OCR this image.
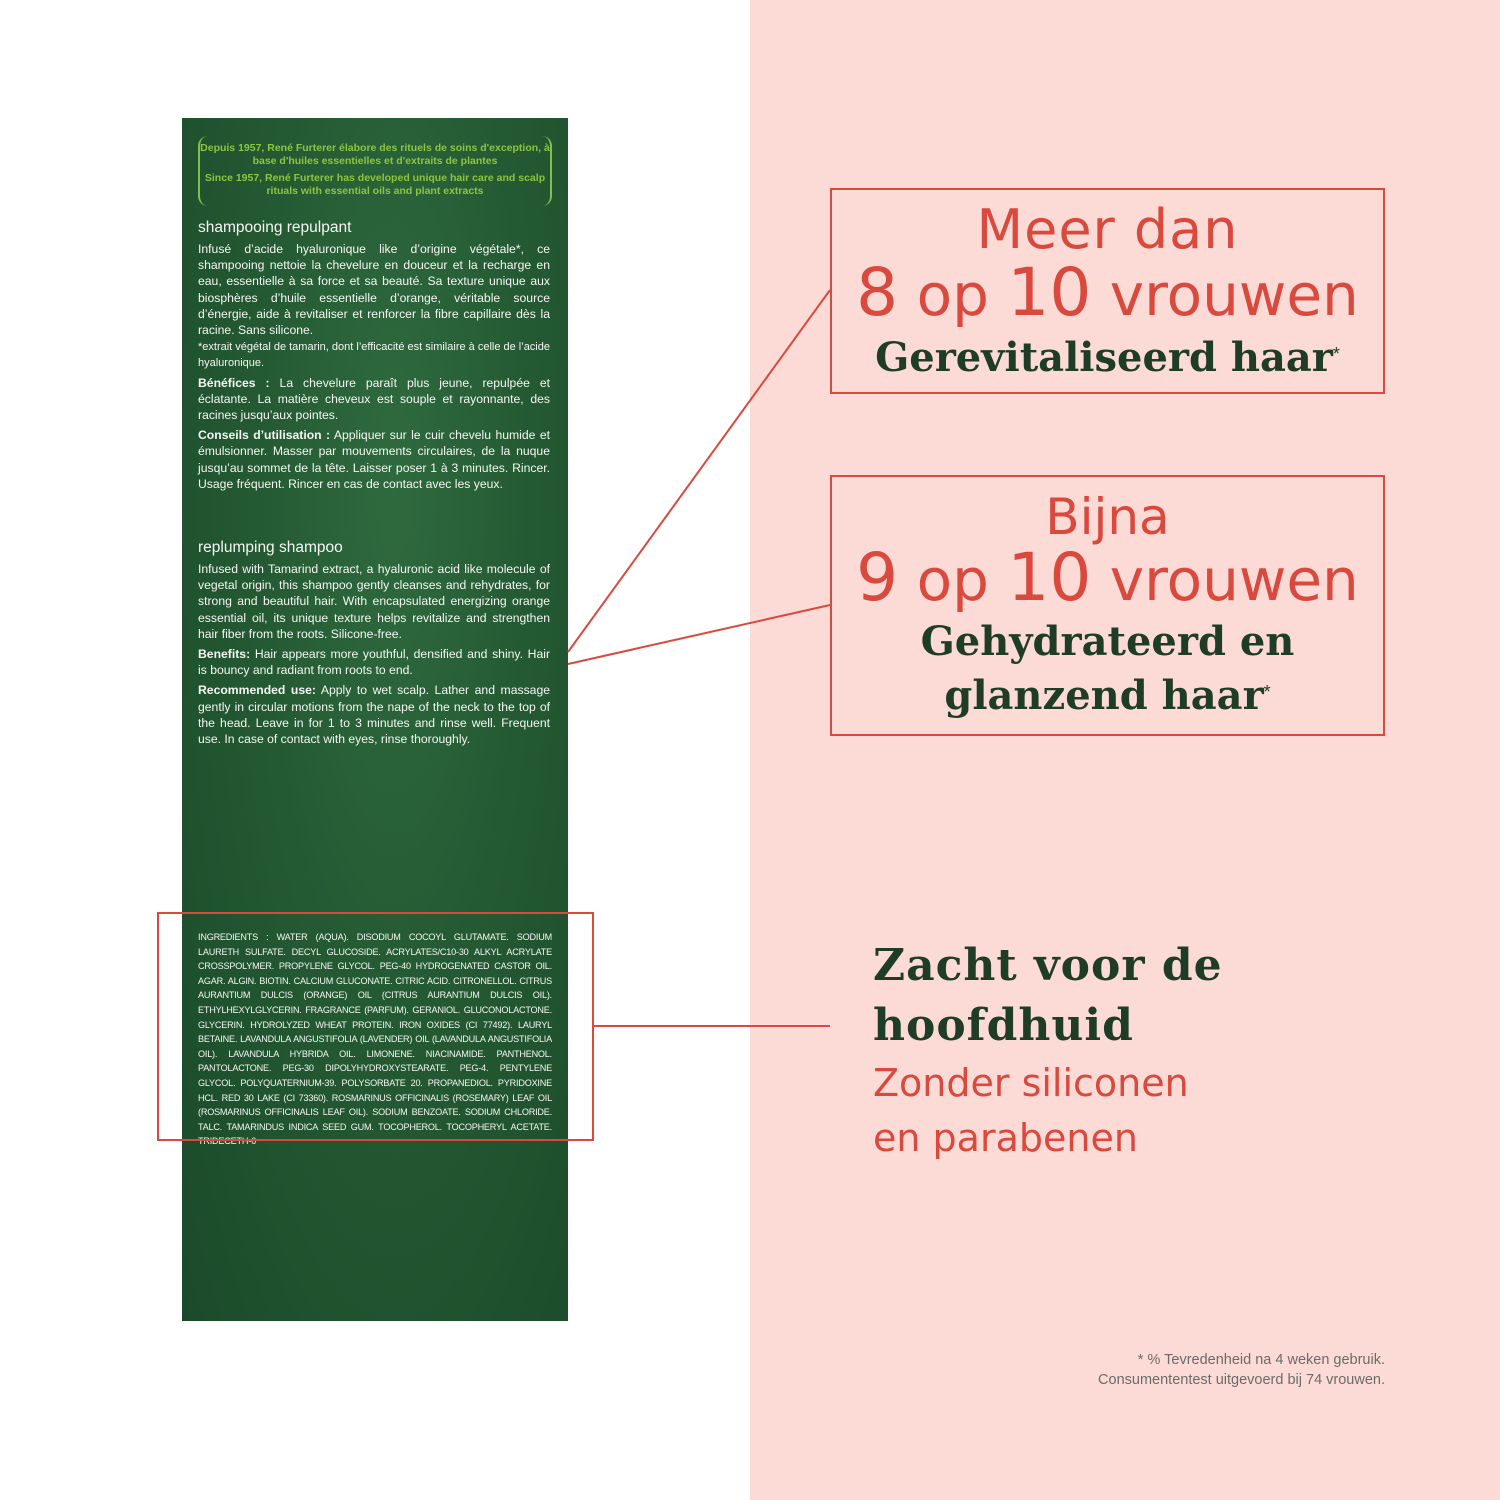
Depuis 1957, René Furterer élabore des rituels de soins d'exception, à base d'huiles essentielles et d'extraits de plantes

Since 1957, René Furterer has developed unique hair care and scalp rituals with essential oils and plant extracts

shampooing repulpant

Infusé d’acide hyaluronique like d’origine végétale*, ce shampooing nettoie la chevelure en douceur et la recharge en eau, essentielle à sa force et sa beauté. Sa texture unique aux biosphères d’huile essentielle d’orange, véritable source d’énergie, aide à revitaliser et renforcer la fibre capillaire dès la racine. Sans silicone.
*extrait végétal de tamarin, dont l’efficacité est similaire à celle de l’acide hyaluronique.

Bénéfices : La chevelure paraît plus jeune, repulpée et éclatante. La matière cheveux est souple et rayonnante, des racines jusqu’aux pointes.

Conseils d’utilisation : Appliquer sur le cuir chevelu humide et émulsionner. Masser par mouvements circulaires, de la nuque jusqu’au sommet de la tête. Laisser poser 1 à 3 minutes. Rincer. Usage fréquent. Rincer en cas de contact avec les yeux.

replumping shampoo

Infused with Tamarind extract, a hyaluronic acid like molecule of vegetal origin, this shampoo gently cleanses and rehydrates, for strong and beautiful hair. With encapsulated energizing orange essential oil, its unique texture helps revitalize and strengthen hair fiber from the roots. Silicone-free.

Benefits: Hair appears more youthful, densified and shiny. Hair is bouncy and radiant from roots to end.

Recommended use: Apply to wet scalp. Lather and massage gently in circular motions from the nape of the neck to the top of the head. Leave in for 1 to 3 minutes and rinse well. Frequent use. In case of contact with eyes, rinse thoroughly.

INGREDIENTS : WATER (AQUA). DISODIUM COCOYL GLUTAMATE. SODIUM LAURETH SULFATE. DECYL GLUCOSIDE. ACRYLATES/C10-30 ALKYL ACRYLATE CROSSPOLYMER. PROPYLENE GLYCOL. PEG-40 HYDROGENATED CASTOR OIL. AGAR. ALGIN. BIOTIN. CALCIUM GLUCONATE. CITRIC ACID. CITRONELLOL. CITRUS AURANTIUM DULCIS (ORANGE) OIL (CITRUS AURANTIUM DULCIS OIL). ETHYLHEXYLGLYCERIN. FRAGRANCE (PARFUM). GERANIOL. GLUCONOLACTONE. GLYCERIN. HYDROLYZED WHEAT PROTEIN. IRON OXIDES (CI 77492). LAURYL BETAINE. LAVANDULA ANGUSTIFOLIA (LAVENDER) OIL (LAVANDULA ANGUSTIFOLIA OIL). LAVANDULA HYBRIDA OIL. LIMONENE. NIACINAMIDE. PANTHENOL. PANTOLACTONE. PEG-30 DIPOLYHYDROXYSTEARATE. PEG-4. PENTYLENE GLYCOL. POLYQUATERNIUM-39. POLYSORBATE 20. PROPANEDIOL. PYRIDOXINE HCL. RED 30 LAKE (CI 73360). ROSMARINUS OFFICINALIS (ROSEMARY) LEAF OIL (ROSMARINUS OFFICINALIS LEAF OIL). SODIUM BENZOATE. SODIUM CHLORIDE. TALC. TAMARINDUS INDICA SEED GUM. TOCOPHEROL. TOCOPHERYL ACETATE. TRIDECETH-6
Meer dan
8 op 10 vrouwen
Gerevitaliseerd haar*
Bijna
9 op 10 vrouwen
Gehydrateerd en
glanzend haar*
Zacht voor de hoofdhuid
Zonder siliconen
en parabenen
* % Tevredenheid na 4 weken gebruik.
Consumententest uitgevoerd bij 74 vrouwen.
